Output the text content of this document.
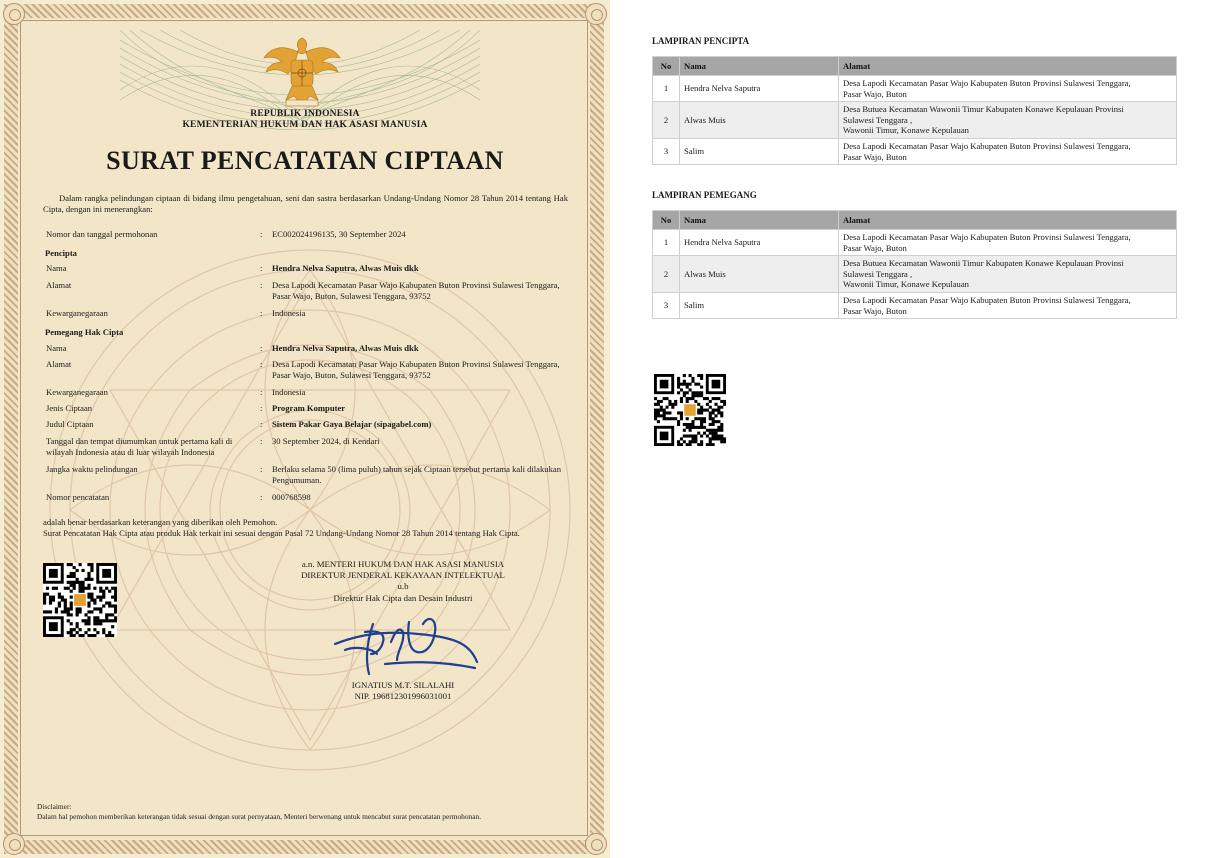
REPUBLIK INDONESIA
KEMENTERIAN HUKUM DAN HAK ASASI MANUSIA
SURAT PENCATATAN CIPTAAN
Dalam rangka pelindungan ciptaan di bidang ilmu pengetahuan, seni dan sastra berdasarkan Undang-Undang Nomor 28 Tahun 2014 tentang Hak Cipta, dengan ini menerangkan:
Nomor dan tanggal permohonan	: EC002024196135, 30 September 2024
Pencipta
Nama	: Hendra Nelva Saputra, Alwas Muis dkk
Alamat	: Desa Lapodi Kecamatan Pasar Wajo Kabupaten Buton Provinsi Sulawesi Tenggara, Pasar Wajo, Buton, Sulawesi Tenggara, 93752
Kewarganegaraan	: Indonesia
Pemegang Hak Cipta
Nama	: Hendra Nelva Saputra, Alwas Muis dkk
Alamat	: Desa Lapodi Kecamatan Pasar Wajo Kabupaten Buton Provinsi Sulawesi Tenggara, Pasar Wajo, Buton, Sulawesi Tenggara, 93752
Kewarganegaraan	: Indonesia
Jenis Ciptaan	: Program Komputer
Judul Ciptaan	: Sistem Pakar Gaya Belajar (sipagabel.com)
Tanggal dan tempat diumumkan untuk pertama kali di wilayah Indonesia atau di luar wilayah Indonesia
: 30 September 2024, di Kendari
Jangka waktu pelindungan	: Berlaku selama 50 (lima puluh) tahun sejak Ciptaan tersebut pertama kali dilakukan Pengumuman.
Nomor pencatatan	: 000768598
adalah benar berdasarkan keterangan yang diberikan oleh Pemohon.
Surat Pencatatan Hak Cipta atau produk Hak terkait ini sesuai dengan Pasal 72 Undang-Undang Nomor 28 Tahun 2014 tentang Hak Cipta.
a.n. MENTERI HUKUM DAN HAK ASASI MANUSIA
DIREKTUR JENDERAL KEKAYAAN INTELEKTUAL
u.b
Direktur Hak Cipta dan Desain Industri
IGNATIUS M.T. SILALAHI
NIP. 196812301996031001
Disclaimer:
Dalam hal pemohon memberikan keterangan tidak sesuai dengan surat pernyataan, Menteri berwenang untuk mencabut surat pencatatan permohonan.
LAMPIRAN PENCIPTA
No	Nama	Alamat
1	Hendra Nelva Saputra	Desa Lapodi Kecamatan Pasar Wajo Kabupaten Buton Provinsi Sulawesi Tenggara,
Pasar Wajo, Buton

2	Alwas Muis	Desa Butuea Kecamatan Wawonii Timur Kabupaten Konawe Kepulauan Provinsi
Sulawesi Tenggara ,
Wawonii Timur, Konawe Kepulauan

3	Salim	Desa Lapodi Kecamatan Pasar Wajo Kabupaten Buton Provinsi Sulawesi Tenggara,
Pasar Wajo, Buton
LAMPIRAN PEMEGANG
No	Nama	Alamat
1	Hendra Nelva Saputra	Desa Lapodi Kecamatan Pasar Wajo Kabupaten Buton Provinsi Sulawesi Tenggara,
Pasar Wajo, Buton

2	Alwas Muis	Desa Butuea Kecamatan Wawonii Timur Kabupaten Konawe Kepulauan Provinsi
Sulawesi Tenggara ,
Wawonii Timur, Konawe Kepulauan

3	Salim	Desa Lapodi Kecamatan Pasar Wajo Kabupaten Buton Provinsi Sulawesi Tenggara,
Pasar Wajo, Buton
